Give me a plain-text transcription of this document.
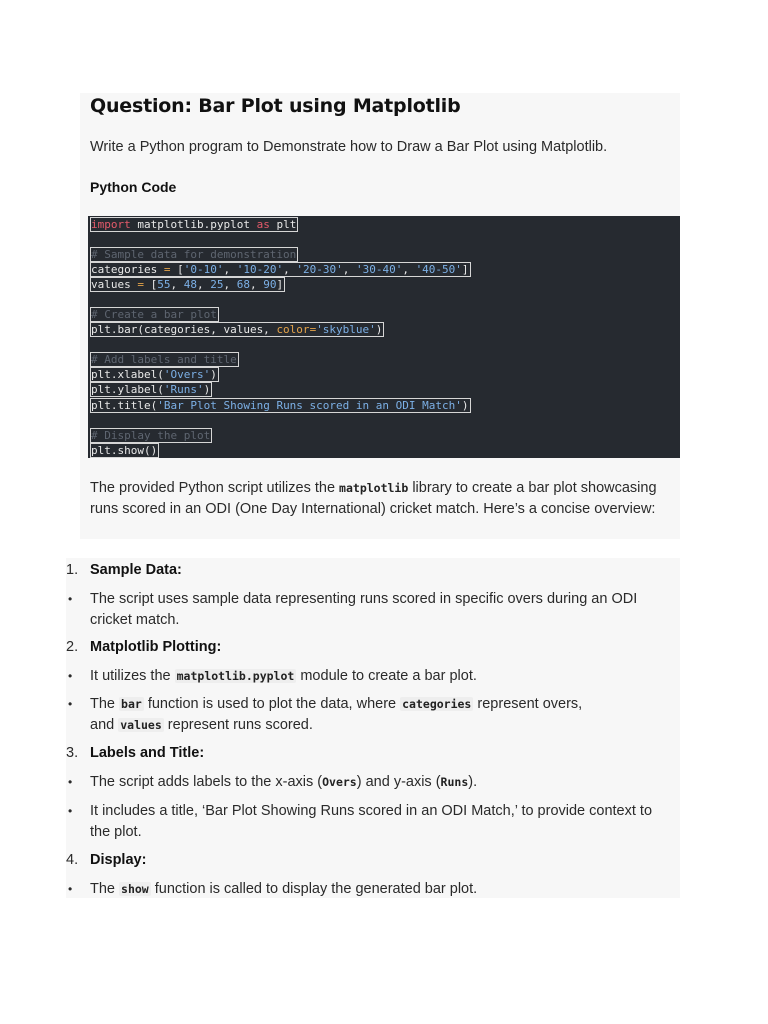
Question: Bar Plot using Matplotlib
Write a Python program to Demonstrate how to Draw a Bar Plot using Matplotlib.
Python Code
import matplotlib.pyplot as plt
# Sample data for demonstration
categories = ['0-10', '10-20', '20-30', '30-40', '40-50']
values = [55, 48, 25, 68, 90]
# Create a bar plot
plt.bar(categories, values, color='skyblue')
# Add labels and title
plt.xlabel('Overs')
plt.ylabel('Runs')
plt.title('Bar Plot Showing Runs scored in an ODI Match')
# Display the plot
plt.show()
The provided Python script utilizes the matplotlib library to create a bar plot showcasing runs scored in an ODI (One Day International) cricket match. Here’s a concise overview:
1. Sample Data:
• The script uses sample data representing runs scored in specific overs during an ODI cricket match.
2. Matplotlib Plotting:
• It utilizes the matplotlib.pyplot module to create a bar plot.
• The bar function is used to plot the data, where categories represent overs,
and values represent runs scored.
3. Labels and Title:
• The script adds labels to the x-axis (Overs) and y-axis (Runs).
• It includes a title, ‘Bar Plot Showing Runs scored in an ODI Match,’ to provide context to the plot.
4. Display:
• The show function is called to display the generated bar plot.
